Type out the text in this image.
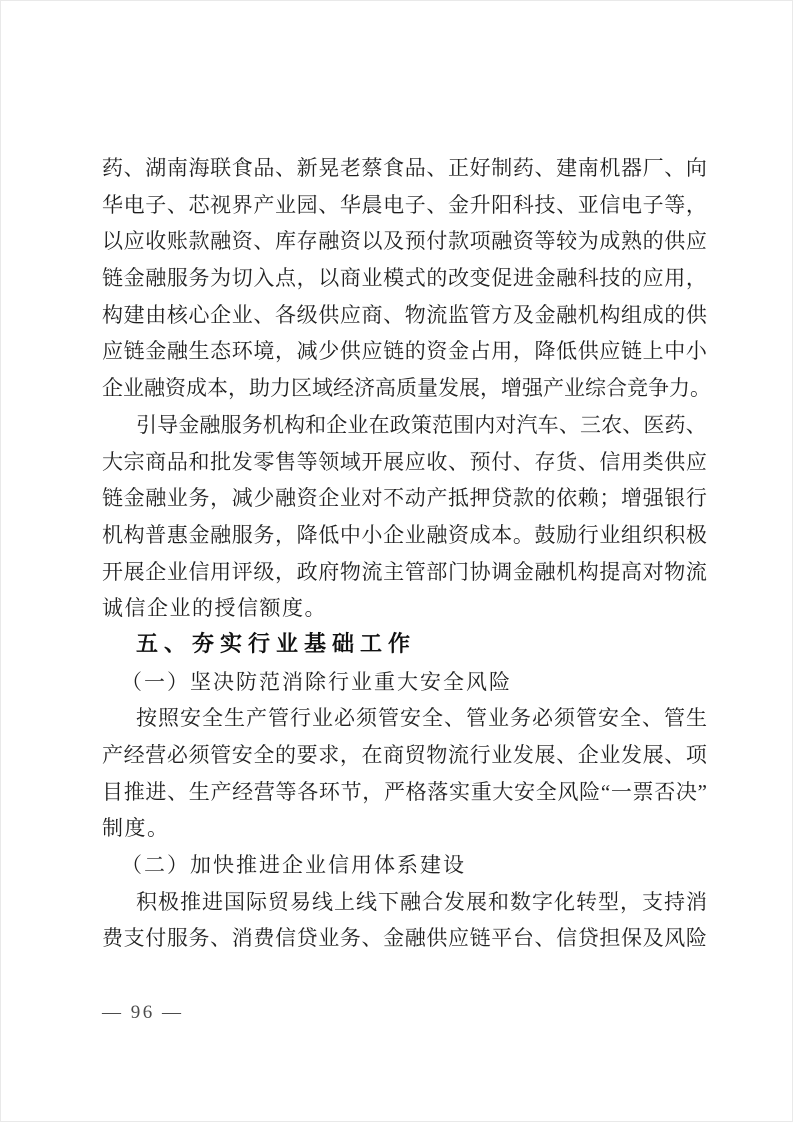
药 、 湖 南 海 联 食 品 、 新 晃 老 蔡 食 品 、 正 好 制 药 、 建 南 机 器 厂 、 向
华 电 子 、 芯 视 界 产 业 园 、 华 晨 电 子 、 金 升 阳 科 技 、 亚 信 电 子 等 ，
以 应 收 账 款 融 资 、 库 存 融 资 以 及 预 付 款 项 融 资 等 较 为 成 熟 的 供 应
链 金 融 服 务 为 切 入 点 ， 以 商 业 模 式 的 改 变 促 进 金 融 科 技 的 应 用 ，
构 建 由 核 心 企 业 、 各 级 供 应 商 、 物 流 监 管 方 及 金 融 机 构 组 成 的 供
应 链 金 融 生 态 环 境 ， 减 少 供 应 链 的 资 金 占 用 ， 降 低 供 应 链 上 中 小
企 业 融 资 成 本 ， 助 力 区 域 经 济 高 质 量 发 展 ， 增 强 产 业 综 合 竞 争 力 。

引 导 金 融 服 务 机 构 和 企 业 在 政 策 范 围 内 对 汽 车 、 三 农 、 医 药 、
大 宗 商 品 和 批 发 零 售 等 领 域 开 展 应 收 、 预 付 、 存 货 、 信 用 类 供 应
链 金 融 业 务 ， 减 少 融 资 企 业 对 不 动 产 抵 押 贷 款 的 依 赖 ； 增 强 银 行
机 构 普 惠 金 融 服 务 ， 降 低 中 小 企 业 融 资 成 本 。 鼓 励 行 业 组 织 积 极
开 展 企 业 信 用 评 级 ， 政 府 物 流 主 管 部 门 协 调 金 融 机 构 提 高 对 物 流
诚信企业的授信额度。

五、夯实行业基础工作
（一）坚决防范消除行业重大安全风险

按 照 安 全 生 产 管 行 业 必 须 管 安 全 、 管 业 务 必 须 管 安 全 、 管 生
产 经 营 必 须 管 安 全 的 要 求 ， 在 商 贸 物 流 行 业 发 展 、 企 业 发 展 、 项
目 推 进 、 生 产 经 营 等 各 环 节 ， 严 格 落 实 重 大 安 全 风 险 “ 一 票 否 决 ”
制度。

（二）加快推进企业信用体系建设

积 极 推 进 国 际 贸 易 线 上 线 下 融 合 发 展 和 数 字 化 转 型 ， 支 持 消
费 支 付 服 务 、 消 费 信 贷 业 务 、 金 融 供 应 链 平 台 、 信 贷 担 保 及 风 险

— 96 —
